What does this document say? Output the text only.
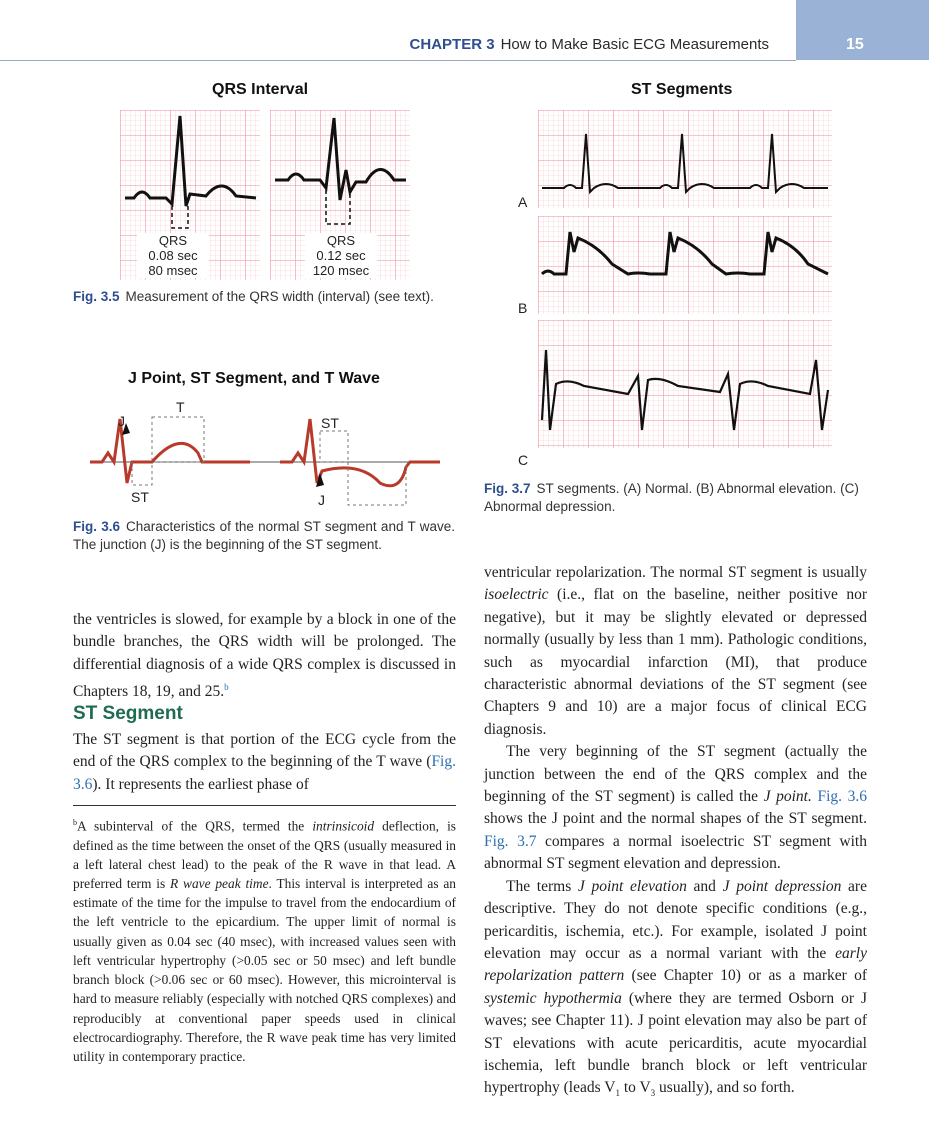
CHAPTER 3 How to Make Basic ECG Measurements	15
QRS Interval
QRS
0.08 sec
80 msec
QRS
0.12 sec
120 msec
Fig. 3.5 Measurement of the QRS width (interval) (see text).
J Point, ST Segment, and T Wave
T
J	ST
ST	J
Fig. 3.6 Characteristics of the normal ST segment and T wave. The junction (J) is the beginning of the ST segment.
ST Segments
A
B
C
Fig. 3.7 ST segments. (A) Normal. (B) Abnormal elevation. (C) Abnormal depression.

the ventricles is slowed, for example by a block in one of the bundle branches, the QRS width will be prolonged. The differential diagnosis of a wide QRS complex is discussed in Chapters 18, 19, and 25.$^b$

ST Segment

The ST segment is that portion of the ECG cycle from the end of the QRS complex to the beginning of the T wave (Fig. 3.6). It represents the earliest phase of

$^b$A subinterval of the QRS, termed the intrinsicoid deflection, is defined as the time between the onset of the QRS (usually measured in a left lateral chest lead) to the peak of the R wave in that lead. A preferred term is R wave peak time. This interval is interpreted as an estimate of the time for the impulse to travel from the endocardium of the left ventricle to the epicardium. The upper limit of normal is usually given as 0.04 sec (40 msec), with increased values seen with left ventricular hypertrophy (>0.05 sec or 50 msec) and left bundle branch block (>0.06 sec or 60 msec). However, this microinterval is hard to measure reliably (especially with notched QRS complexes) and reproducibly at conventional paper speeds used in clinical electrocardiography. Therefore, the R wave peak time has very limited utility in contemporary practice.

ventricular repolarization. The normal ST segment is usually isoelectric (i.e., flat on the baseline, neither positive nor negative), but it may be slightly elevated or depressed normally (usually by less than 1 mm). Pathologic conditions, such as myocardial infarction (MI), that produce characteristic abnormal deviations of the ST segment (see Chapters 9 and 10) are a major focus of clinical ECG diagnosis.

The very beginning of the ST segment (actually the junction between the end of the QRS complex and the beginning of the ST segment) is called the J point. Fig. 3.6 shows the J point and the normal shapes of the ST segment. Fig. 3.7 compares a normal isoelectric ST segment with abnormal ST segment elevation and depression.

The terms J point elevation and J point depression are descriptive. They do not denote specific conditions (e.g., pericarditis, ischemia, etc.). For example, isolated J point elevation may occur as a normal variant with the early repolarization pattern (see Chapter 10) or as a marker of systemic hypothermia (where they are termed Osborn or J waves; see Chapter 11). J point elevation may also be part of ST elevations with acute pericarditis, acute myocardial ischemia, left bundle branch block or left ventricular hypertrophy (leads $V_1$ to $V_3$ usually), and so forth.
